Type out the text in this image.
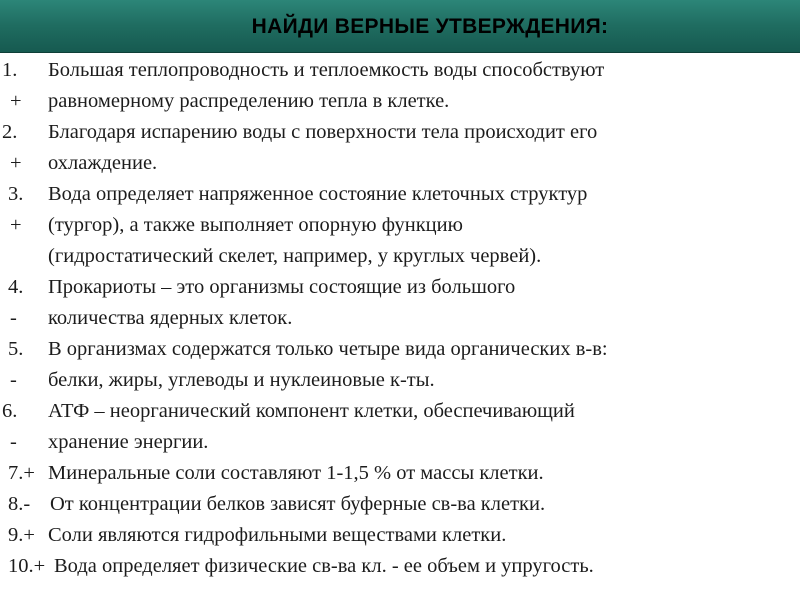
НАЙДИ ВЕРНЫЕ УТВЕРЖДЕНИЯ:
1. Большая теплопроводность и теплоемкость воды способствуют
+ равномерному распределению тепла в клетке.
2. Благодаря испарению воды с поверхности тела происходит его
+ охлаждение.
3. Вода определяет напряженное состояние клеточных структур
+ (тургор), а также выполняет опорную функцию
(гидростатический скелет, например, у круглых червей).
4. Прокариоты – это организмы состоящие из большого
- количества ядерных клеток.
5. В организмах содержатся только четыре вида органических в-в:
- белки, жиры, углеводы и нуклеиновые к-ты.
6. АТФ – неорганический компонент клетки, обеспечивающий
- хранение энергии.
7.+ Минеральные соли составляют 1-1,5 % от массы клетки.
8.- От концентрации белков зависят буферные св-ва клетки.
9.+ Соли являются гидрофильными веществами клетки.
10.+ Вода определяет физические св-ва кл. - ее объем и упругость.
